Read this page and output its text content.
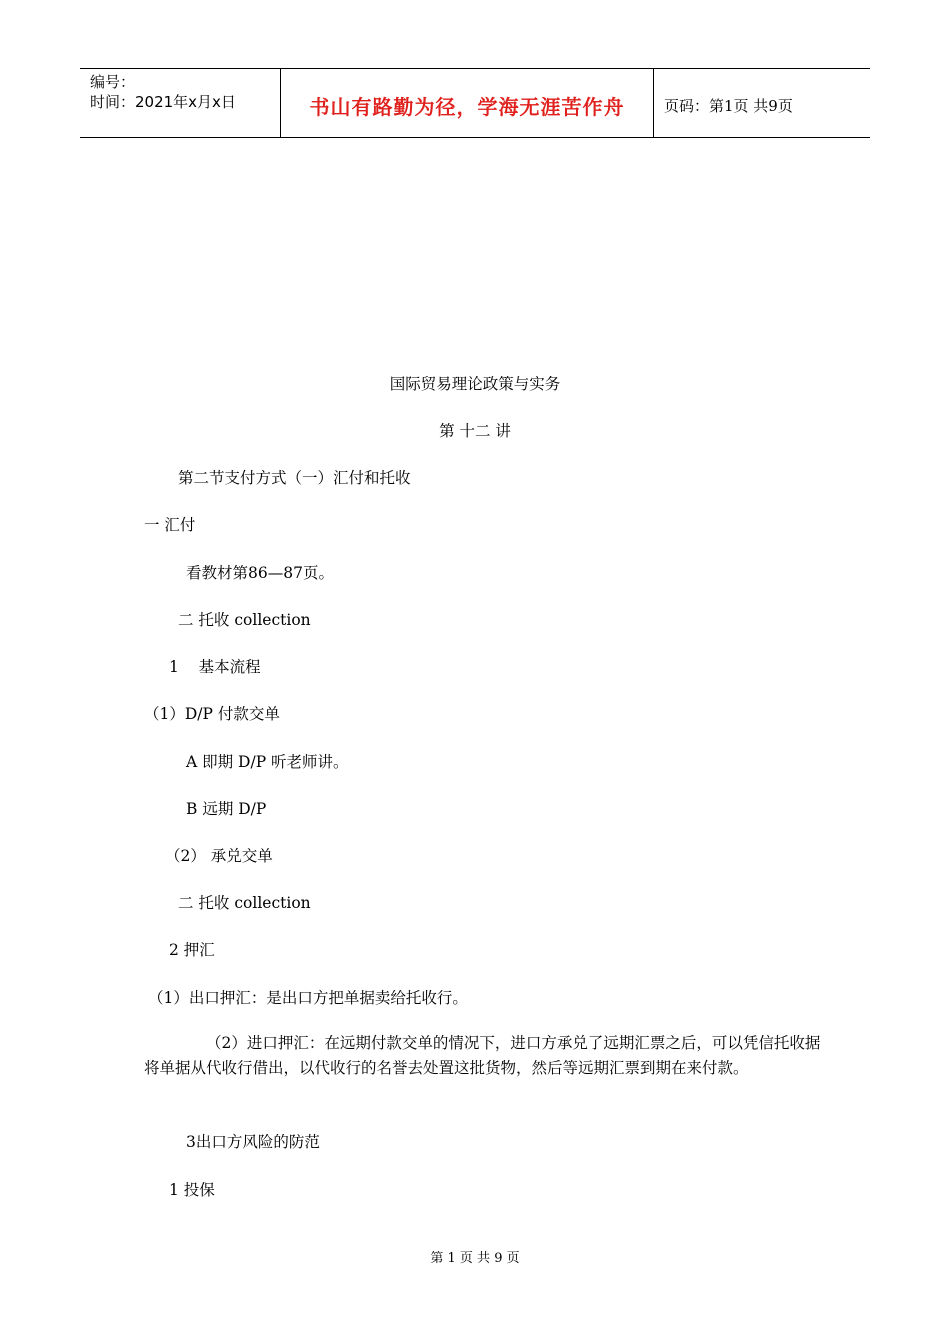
编号：
时间：2021年x月x日	书山有路勤为径，学海无涯苦作舟	页码：第1页 共9页
国际贸易理论政策与实务
第 十二 讲
第二节支付方式（一）汇付和托收
一 汇付
看教材第86—87页。
二 托收 collection
1    基本流程
（1）D/P 付款交单
A 即期 D/P 听老师讲。
B 远期 D/P
（2） 承兑交单
二 托收 collection
2 押汇
（1）出口押汇：是出口方把单据卖给托收行。
（2）进口押汇：在远期付款交单的情况下，进口方承兑了远期汇票之后，可以凭信托收据将单据从代收行借出，以代收行的名誉去处置这批货物，然后等远期汇票到期在来付款。
3出口方风险的防范
1 投保
第 1 页 共 9 页
